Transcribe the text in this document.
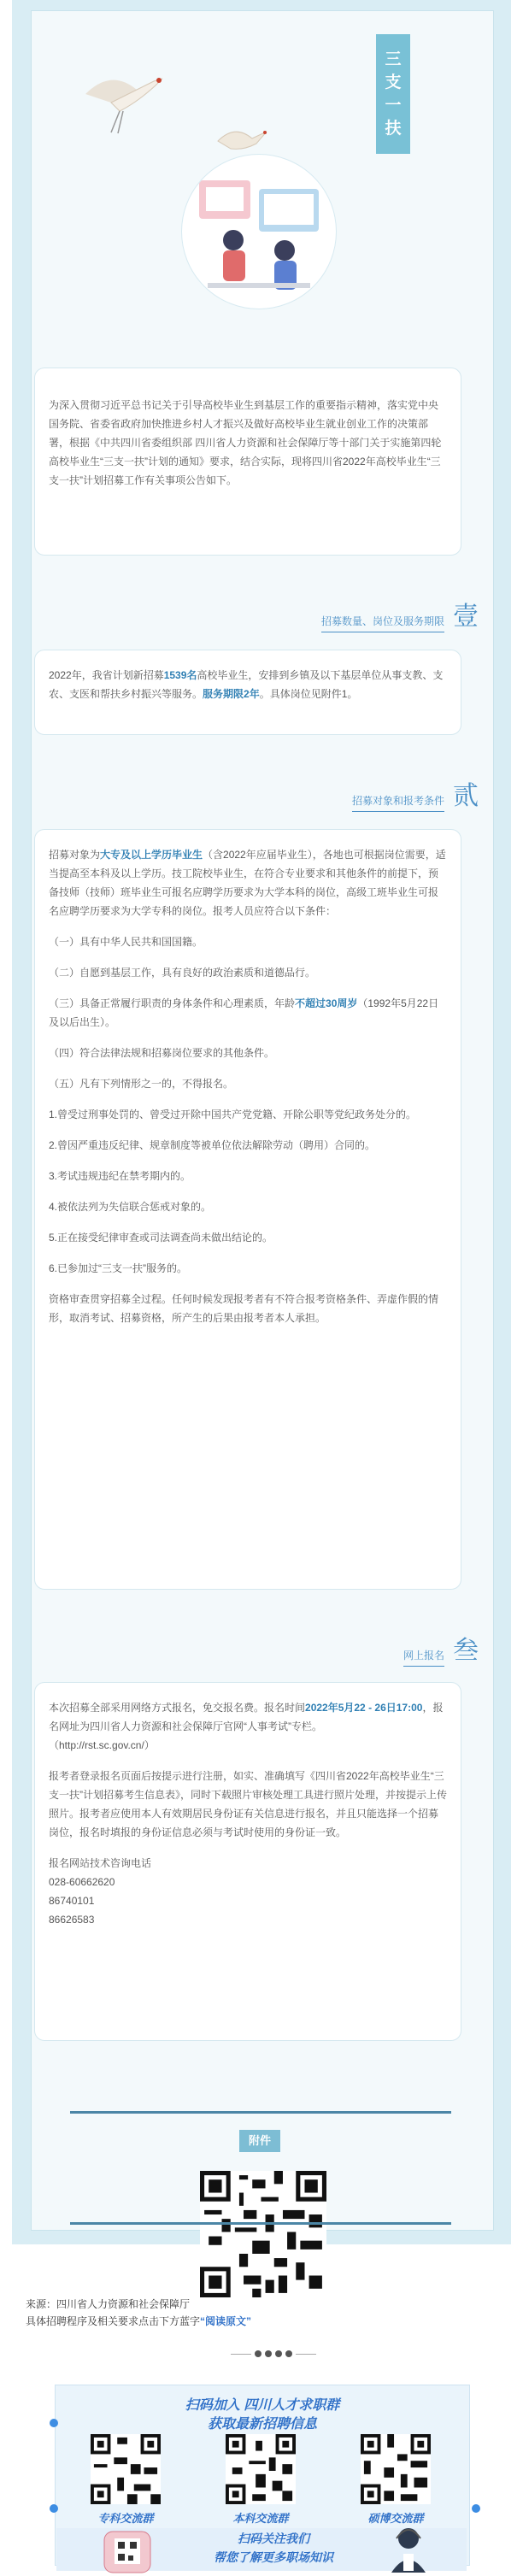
三
支
一
扶

为深入贯彻习近平总书记关于引导高校毕业生到基层工作的重要指示精神，落实党中央国务院、省委省政府加快推进乡村人才振兴及做好高校毕业生就业创业工作的决策部署，根据《中共四川省委组织部 四川省人力资源和社会保障厅等十部门关于实施第四轮高校毕业生“三支一扶”计划的通知》要求，结合实际，现将四川省2022年高校毕业生“三支一扶”计划招募工作有关事项公告如下。

招募数量、岗位及服务期限 壹

2022年，我省计划新招募1539名高校毕业生，安排到乡镇及以下基层单位从事支教、支农、支医和帮扶乡村振兴等服务。服务期限2年。具体岗位见附件1。

招募对象和报考条件 贰

招募对象为大专及以上学历毕业生（含2022年应届毕业生），各地也可根据岗位需要，适当提高至本科及以上学历。技工院校毕业生，在符合专业要求和其他条件的前提下，预备技师（技师）班毕业生可报名应聘学历要求为大学本科的岗位，高级工班毕业生可报名应聘学历要求为大学专科的岗位。报考人员应符合以下条件：

（一）具有中华人民共和国国籍。

（二）自愿到基层工作，具有良好的政治素质和道德品行。

（三）具备正常履行职责的身体条件和心理素质，年龄不超过30周岁（1992年5月22日及以后出生）。

（四）符合法律法规和招募岗位要求的其他条件。

（五）凡有下列情形之一的，不得报名。

1.曾受过刑事处罚的、曾受过开除中国共产党党籍、开除公职等党纪政务处分的。

2.曾因严重违反纪律、规章制度等被单位依法解除劳动（聘用）合同的。

3.考试违规违纪在禁考期内的。

4.被依法列为失信联合惩戒对象的。

5.正在接受纪律审查或司法调查尚未做出结论的。

6.已参加过“三支一扶”服务的。

资格审查贯穿招募全过程。任何时候发现报考者有不符合报考资格条件、弄虚作假的情形，取消考试、招募资格，所产生的后果由报考者本人承担。

网上报名 叁

本次招募全部采用网络方式报名，免交报名费。报名时间2022年5月22 - 26日17:00，报名网址为四川省人力资源和社会保障厅官网“人事考试”专栏。

（http://rst.sc.gov.cn/）

报考者登录报名页面后按提示进行注册，如实、准确填写《四川省2022年高校毕业生“三支一扶”计划招募考生信息表》，同时下载照片审核处理工具进行照片处理，并按提示上传照片。报考者应使用本人有效期居民身份证有关信息进行报名，并且只能选择一个招募岗位，报名时填报的身份证信息必须与考试时使用的身份证一致。

报名网站技术咨询电话

028-60662620

86740101

86626583

附件
来源：四川省人力资源和社会保障厅
具体招聘程序及相关要求点击下方蓝字“阅读原文”
扫码加入 四川人才求职群
获取最新招聘信息
专科交流群	本科交流群	硕博交流群
扫码关注我们
帮您了解更多职场知识
